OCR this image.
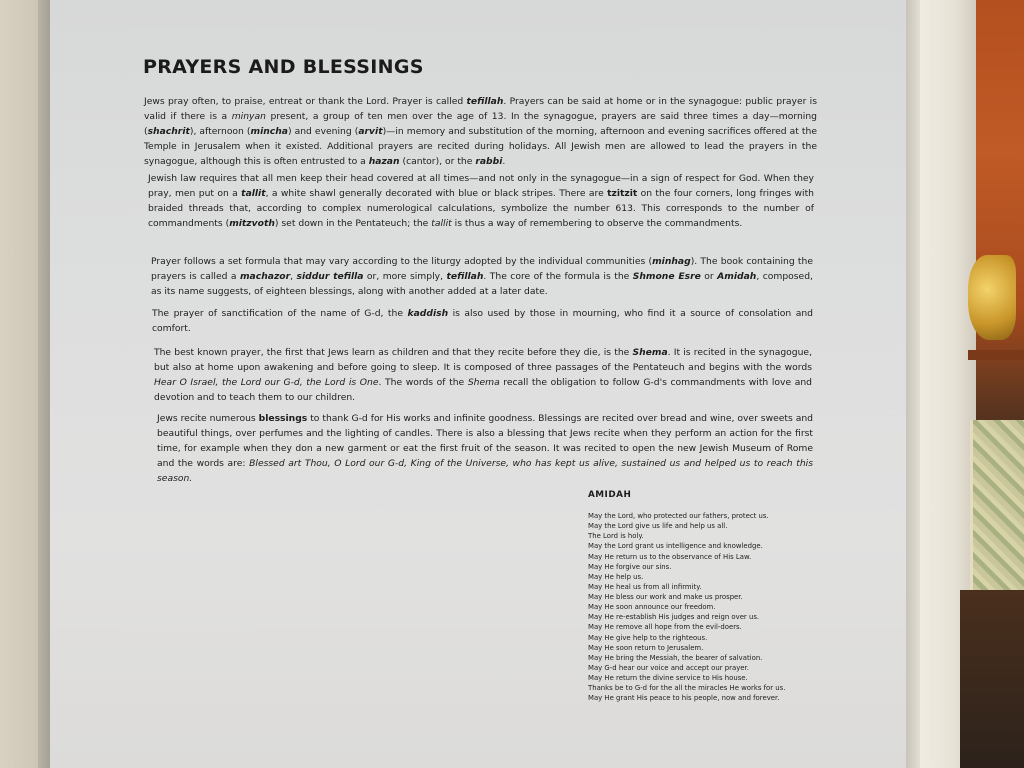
PRAYERS AND BLESSINGS

Jews pray often, to praise, entreat or thank the Lord. Prayer is called tefillah. Prayers can be said at home or in the synagogue: public prayer is valid if there is a minyan present, a group of ten men over the age of 13. In the synagogue, prayers are said three times a day—morning (shachrit), afternoon (mincha) and evening (arvit)—in memory and substitution of the morning, afternoon and evening sacrifices offered at the Temple in Jerusalem when it existed. Additional prayers are recited during holidays. All Jewish men are allowed to lead the prayers in the synagogue, although this is often entrusted to a hazan (cantor), or the rabbi.

Jewish law requires that all men keep their head covered at all times—and not only in the synagogue—in a sign of respect for God. When they pray, men put on a tallit, a white shawl generally decorated with blue or black stripes. There are tzitzit on the four corners, long fringes with braided threads that, according to complex numerological calculations, symbolize the number 613. This corresponds to the number of commandments (mitzvoth) set down in the Pentateuch; the tallit is thus a way of remembering to observe the commandments.

Prayer follows a set formula that may vary according to the liturgy adopted by the individual communities (minhag). The book containing the prayers is called a machazor, siddur tefilla or, more simply, tefillah. The core of the formula is the Shmone Esre or Amidah, composed, as its name suggests, of eighteen blessings, along with another added at a later date.

The prayer of sanctification of the name of G-d, the kaddish is also used by those in mourning, who find it a source of consolation and comfort.

The best known prayer, the first that Jews learn as children and that they recite before they die, is the Shema. It is recited in the synagogue, but also at home upon awakening and before going to sleep. It is composed of three passages of the Pentateuch and begins with the words Hear O Israel, the Lord our G-d, the Lord is One. The words of the Shema recall the obligation to follow G-d's commandments with love and devotion and to teach them to our children.

Jews recite numerous blessings to thank G-d for His works and infinite goodness. Blessings are recited over bread and wine, over sweets and beautiful things, over perfumes and the lighting of candles. There is also a blessing that Jews recite when they perform an action for the first time, for example when they don a new garment or eat the first fruit of the season. It was recited to open the new Jewish Museum of Rome and the words are: Blessed art Thou, O Lord our G-d, King of the Universe, who has kept us alive, sustained us and helped us to reach this season.

AMIDAH
May the Lord, who protected our fathers, protect us.
May the Lord give us life and help us all.
The Lord is holy.
May the Lord grant us intelligence and knowledge.
May He return us to the observance of His Law.
May He forgive our sins.
May He help us.
May He heal us from all infirmity.
May He bless our work and make us prosper.
May He soon announce our freedom.
May He re-establish His judges and reign over us.
May He remove all hope from the evil-doers.
May He give help to the righteous.
May He soon return to Jerusalem.
May He bring the Messiah, the bearer of salvation.
May G-d hear our voice and accept our prayer.
May He return the divine service to His house.
Thanks be to G-d for the all the miracles He works for us.
May He grant His peace to his people, now and forever.
